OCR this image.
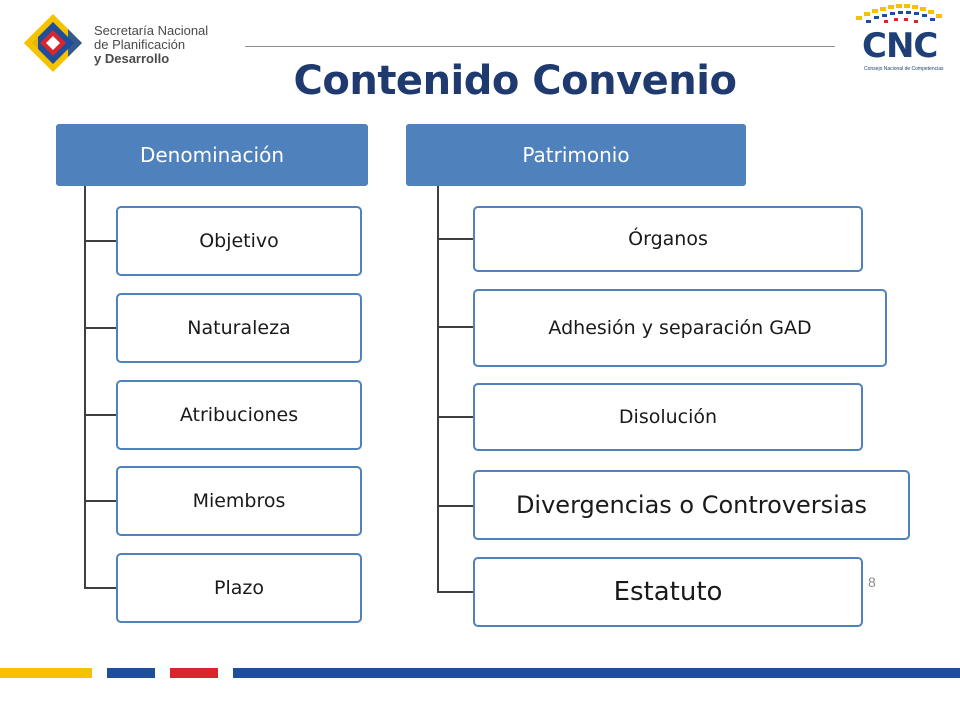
Secretaría Nacional
de Planificación
y Desarrollo	CNC
Consejo Nacional de Competencias
Contenido Convenio
Denominación
Objetivo
Naturaleza
Atribuciones
Miembros
Plazo
Patrimonio
Órganos
Adhesión y separación GAD
Disolución
Divergencias o Controversias
Estatuto	8
